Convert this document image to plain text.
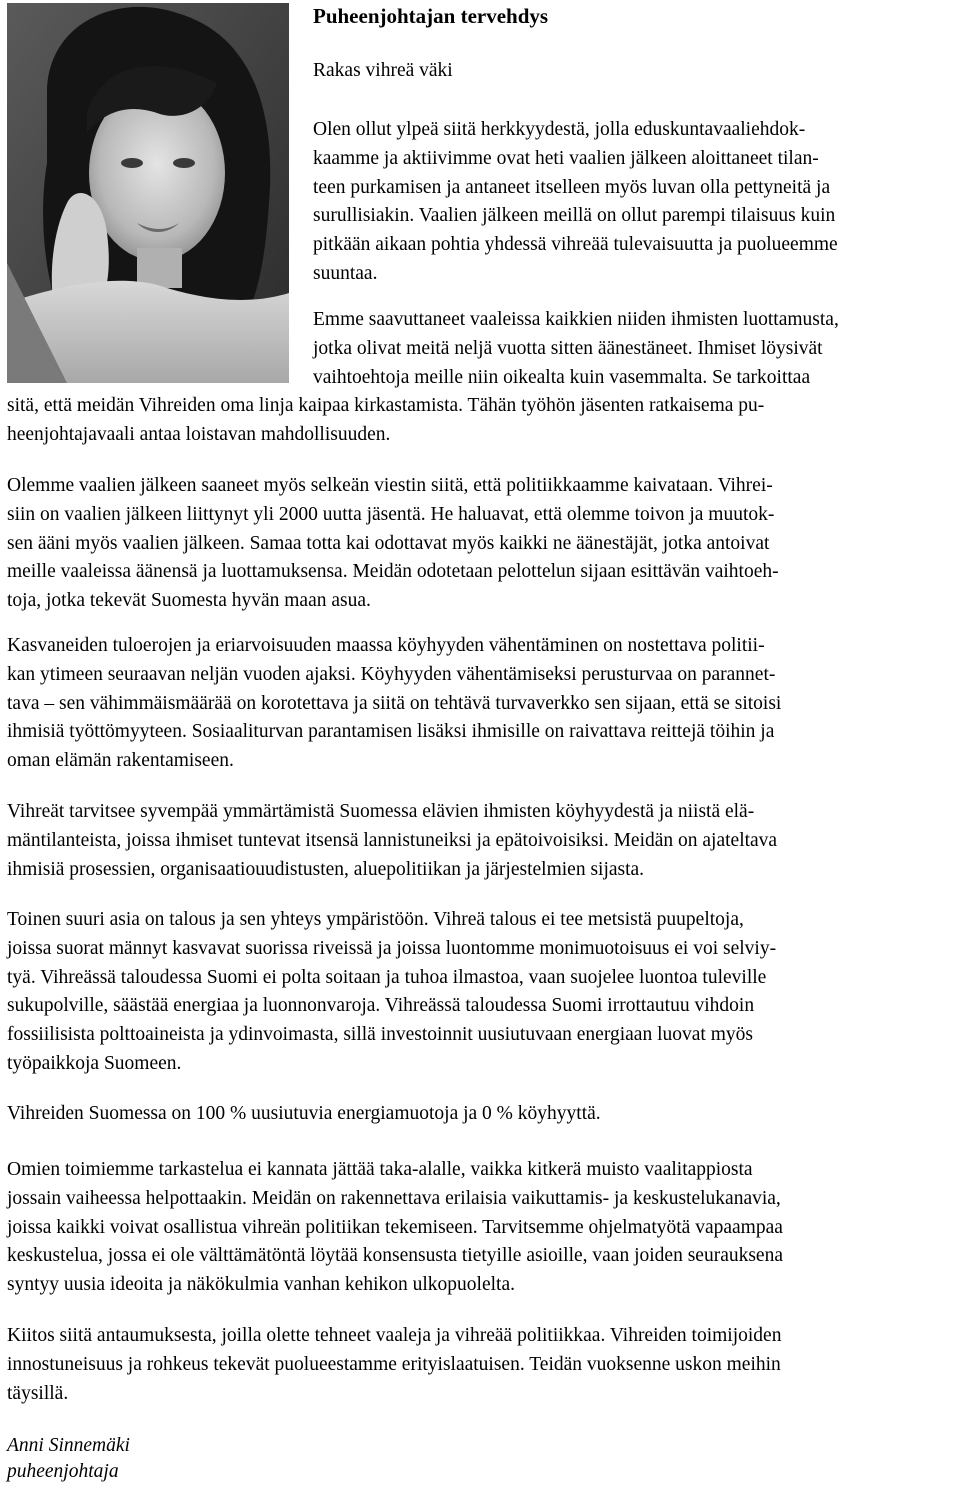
Puheenjohtajan tervehdys

Rakas vihreä väki

Olen ollut ylpeä siitä herkkyydestä, jolla eduskuntavaaliehdok-
kaamme ja aktiivimme ovat heti vaalien jälkeen aloittaneet tilan-
teen purkamisen ja antaneet itselleen myös luvan olla pettyneitä ja
surullisiakin. Vaalien jälkeen meillä on ollut parempi tilaisuus kuin
pitkään aikaan pohtia yhdessä vihreää tulevaisuutta ja puolueemme
suuntaa.
Emme saavuttaneet vaaleissa kaikkien niiden ihmisten luottamusta,
jotka olivat meitä neljä vuotta sitten äänestäneet. Ihmiset löysivät
vaihtoehtoja meille niin oikealta kuin vasemmalta. Se tarkoittaa
sitä, että meidän Vihreiden oma linja kaipaa kirkastamista. Tähän työhön jäsenten ratkaisema pu-
heenjohtajavaali antaa loistavan mahdollisuuden.
Olemme vaalien jälkeen saaneet myös selkeän viestin siitä, että politiikkaamme kaivataan. Vihrei-
siin on vaalien jälkeen liittynyt yli 2000 uutta jäsentä. He haluavat, että olemme toivon ja muutok-
sen ääni myös vaalien jälkeen. Samaa totta kai odottavat myös kaikki ne äänestäjät, jotka antoivat
meille vaaleissa äänensä ja luottamuksensa. Meidän odotetaan pelottelun sijaan esittävän vaihtoeh-
toja, jotka tekevät Suomesta hyvän maan asua.
Kasvaneiden tuloerojen ja eriarvoisuuden maassa köyhyyden vähentäminen on nostettava politii-
kan ytimeen seuraavan neljän vuoden ajaksi. Köyhyyden vähentämiseksi perusturvaa on parannet-
tava – sen vähimmäismäärää on korotettava ja siitä on tehtävä turvaverkko sen sijaan, että se sitoisi
ihmisiä työttömyyteen. Sosiaaliturvan parantamisen lisäksi ihmisille on raivattava reittejä töihin ja
oman elämän rakentamiseen.
Vihreät tarvitsee syvempää ymmärtämistä Suomessa elävien ihmisten köyhyydestä ja niistä elä-
mäntilanteista, joissa ihmiset tuntevat itsensä lannistuneiksi ja epätoivoisiksi. Meidän on ajateltava
ihmisiä prosessien, organisaatiouudistusten, aluepolitiikan ja järjestelmien sijasta.
Toinen suuri asia on talous ja sen yhteys ympäristöön. Vihreä talous ei tee metsistä puupeltoja,
joissa suorat männyt kasvavat suorissa riveissä ja joissa luontomme monimuotoisuus ei voi selviy-
tyä. Vihreässä taloudessa Suomi ei polta soitaan ja tuhoa ilmastoa, vaan suojelee luontoa tuleville
sukupolville, säästää energiaa ja luonnonvaroja. Vihreässä taloudessa Suomi irrottautuu vihdoin
fossiilisista polttoaineista ja ydinvoimasta, sillä investoinnit uusiutuvaan energiaan luovat myös
työpaikkoja Suomeen.
Vihreiden Suomessa on 100 % uusiutuvia energiamuotoja ja 0 % köyhyyttä.
Omien toimiemme tarkastelua ei kannata jättää taka-alalle, vaikka kitkerä muisto vaalitappiosta
jossain vaiheessa helpottaakin. Meidän on rakennettava erilaisia vaikuttamis- ja keskustelukanavia,
joissa kaikki voivat osallistua vihreän politiikan tekemiseen. Tarvitsemme ohjelmatyötä vapaampaa
keskustelua, jossa ei ole välttämätöntä löytää konsensusta tietyille asioille, vaan joiden seurauksena
syntyy uusia ideoita ja näkökulmia vanhan kehikon ulkopuolelta.
Kiitos siitä antaumuksesta, joilla olette tehneet vaaleja ja vihreää politiikkaa. Vihreiden toimijoiden
innostuneisuus ja rohkeus tekevät puolueestamme erityislaatuisen. Teidän vuoksenne uskon meihin
täysillä.

Anni Sinnemäki

puheenjohtaja
